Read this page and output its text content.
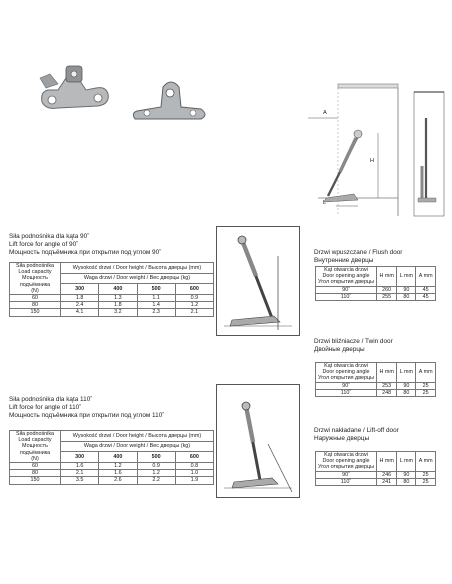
A
H
L
Siła podnośnika dla kąta 90˚
Lift force for angle of 90˚
Мощность подъёмника при открытии под углом 90˚
Siła podnośnika
Load capacity
Мощность подъёмника
(N)	Wysokość drzwi / Door height / Высота двеpцы (mm)			
	Waga drzwi / Door weight / Вес двеpцы (kg)			
	300	400	500	600
60	1.8	1.3	1.1	0.9
80	2.4	1.8	1.4	1.2
150	4.1	3.2	2.3	2.1
Drzwi wpuszczane / Flush door
Внутренние двеpцы
Kąt otwarcia drzwi
Door opening angle
Угол открытия двеpцы	H mm	L mm	A mm
90˚	260	90	45
110˚	255	80	45
Drzwi bliźniacze / Twin door
Двойные двеpцы
Kąt otwarcia drzwi
Door opening angle
Угол открытия двеpцы	H mm	L mm	A mm
90˚	253	90	25
110˚	248	80	25
Siła podnośnika dla kąta 110˚
Lift force for angle of 110˚
Мощность подъёмника при открытии под углом 110˚
Siła podnośnika
Load capacity
Мощность подъёмника
(N)	Wysokość drzwi / Door height / Высота двеpцы (mm)			
	Waga drzwi / Door weight / Вес двеpцы (kg)			
	300	400	500	600
60	1.6	1.2	0.9	0.8
80	2.1	1.6	1.2	1.0
150	3.5	2.6	2.2	1.9
Drzwi nakładane / Lift-off door
Наружные двеpцы
Kąt otwarcia drzwi
Door opening angle
Угол открытия двеpцы	H mm	L mm	A mm
90˚	246	90	25
110˚	241	80	25
